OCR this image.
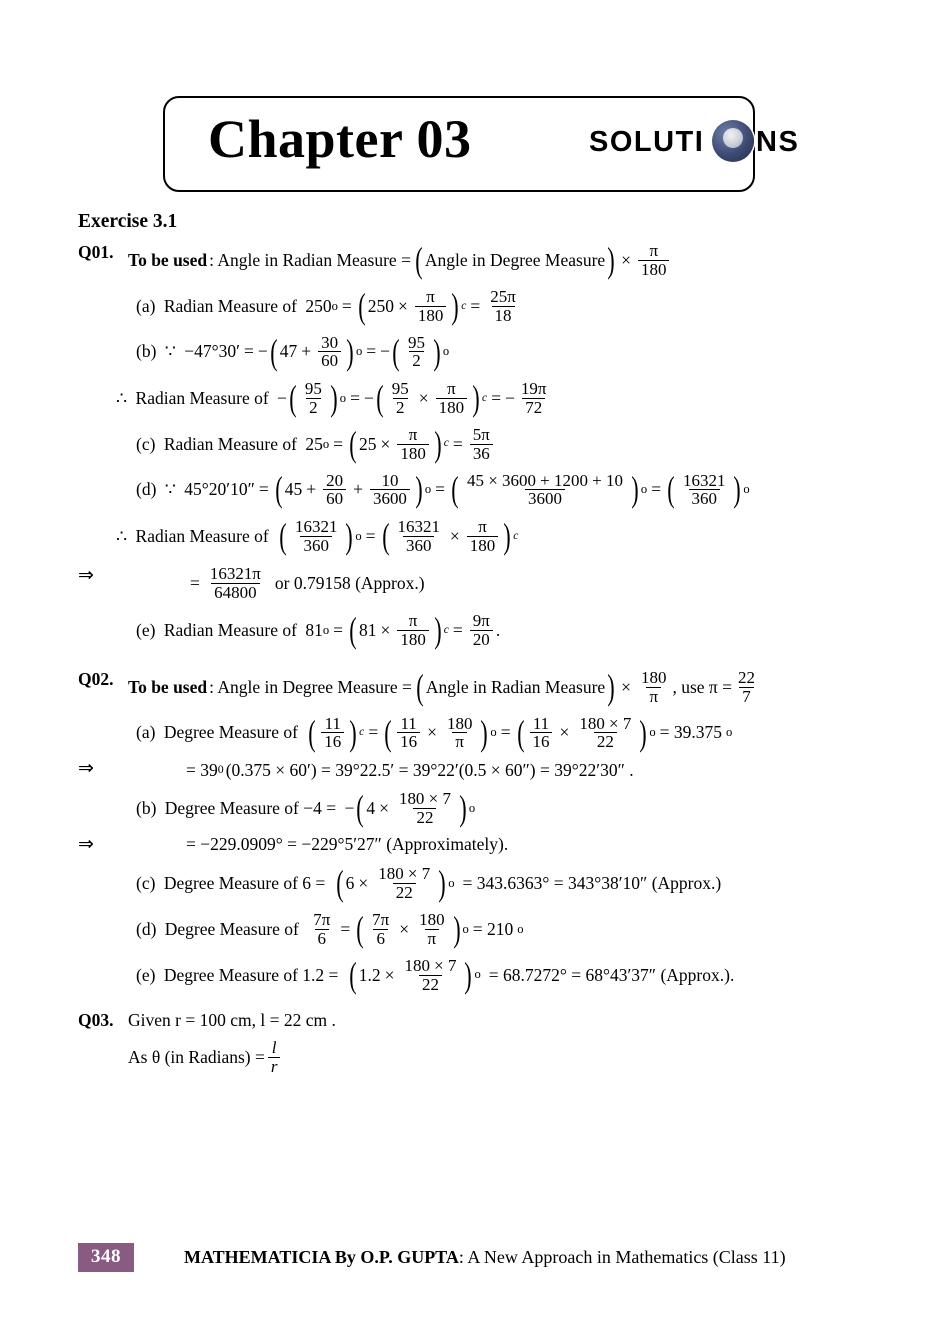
Chapter 03	SOLUTI NS
Exercise 3.1
Q01. To be used : Angle in Radian Measure = ( Angle in Degree Measure ) × $\frac{\pi}{180}$
(a)
Radian Measure of
250 o = ( $250 \times \frac{\pi}{180}$ ) $c = \frac{25\pi}{18}$
(b)
∵
−47°30′ = − ( $47 + \frac{30}{60}$ ) o = − ( $\frac{95}{2}$ ) o
∴
Radian Measure of
− ( $\frac{95}{2}$ ) o = − ( $\frac{95}{2} \times \frac{\pi}{180}$ ) c = − $\frac{19\pi}{72}$
(c)
Radian Measure of
25 o = ( $25 \times \frac{\pi}{180}$ ) $c = \frac{5\pi}{36}$
(d)
∵
45°20′10″ = ( $45 + \frac{20}{60} + \frac{10}{3600}$ ) o = ( $\frac{45 \times 3600 + 1200 + 10}{3600}$ ) o = ( $\frac{16321}{360}$ ) o
∴
Radian Measure of
( $\frac{16321}{360}$ ) o = ( $\frac{16321}{360} \times \frac{\pi}{180}$ ) c
⇒	= $\frac{16321\pi}{64800}$ or 0.79158 (Approx.)
(e)
Radian Measure of
81 o = ( $81 \times \frac{\pi}{180}$ ) $c = \frac{9\pi}{20}$ .
Q02. To be used : Angle in Degree Measure = ( Angle in Radian Measure ) × $\frac{180}{\pi}$ , use $\pi = \frac{22}{7}$
(a)
Degree Measure of
( $\frac{11}{16}$ ) c = ( $\frac{11}{16} \times \frac{180}{\pi}$ ) o = ( $\frac{11}{16} \times \frac{180 \times 7}{22}$ ) o = 39.375 o
⇒	= 39 0 (0.375 × 60′) = 39°22.5′ = 39°22′(0.5 × 60″) = 39°22′30″ .
(b)
Degree Measure of −4 =
− ( $4 \times \frac{180 \times 7}{22}$ ) o
⇒	= −229.0909° = −229°5′27″ (Approximately).
(c)
Degree Measure of 6 =
( $6 \times \frac{180 \times 7}{22}$ ) o = 343.6363° = 343°38′10″ (Approx.)
(d)
Degree Measure of
$\frac{7\pi}{6}$ = ( $\frac{7\pi}{6} \times \frac{180}{\pi}$ ) o = 210 o
(e)
Degree Measure of 1.2 =
( $1.2 \times \frac{180 \times 7}{22}$ ) o = 68.7272° = 68°43′37″ (Approx.).
Q03. Given r = 100 cm, l = 22 cm .
As θ (in Radians) = $\frac{l}{r}$
348	MATHEMATICIA By O.P. GUPTA: A New Approach in Mathematics (Class 11)
